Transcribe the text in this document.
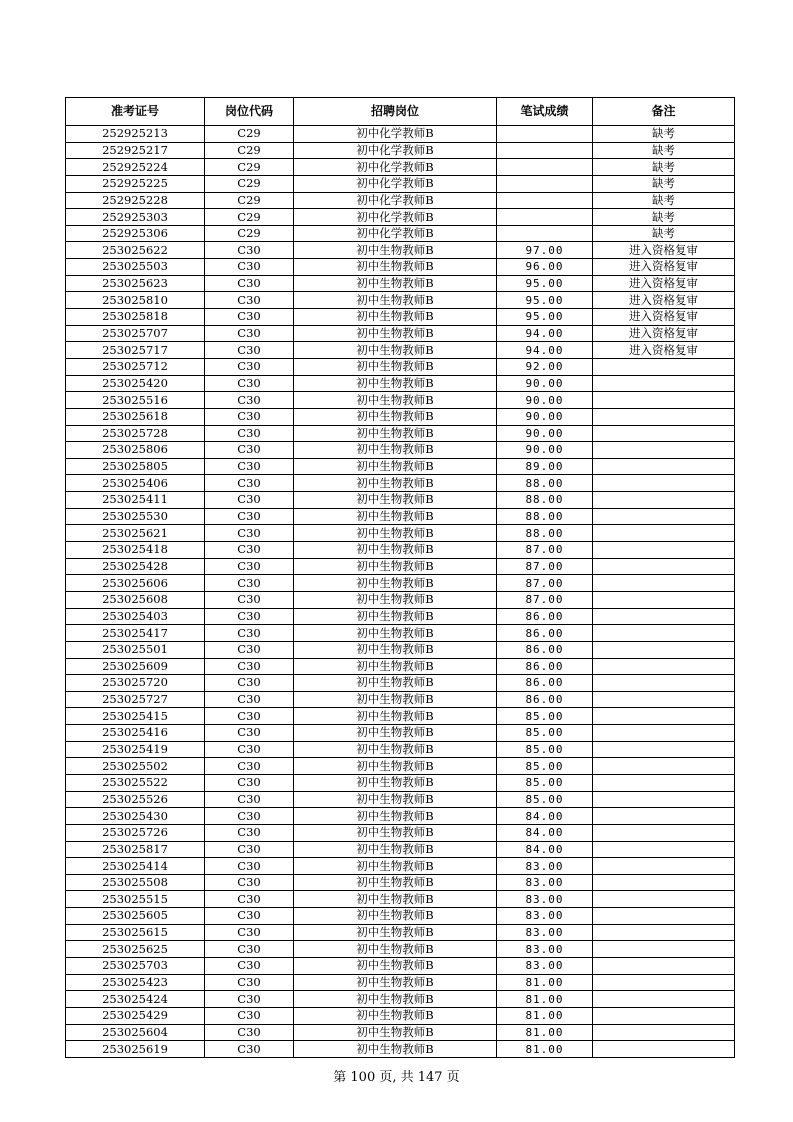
准考证号	岗位代码	招聘岗位	笔试成绩	备注
252925213	C29	初中化学教师B		缺考
252925217	C29	初中化学教师B		缺考
252925224	C29	初中化学教师B		缺考
252925225	C29	初中化学教师B		缺考
252925228	C29	初中化学教师B		缺考
252925303	C29	初中化学教师B		缺考
252925306	C29	初中化学教师B		缺考
253025622	C30	初中生物教师B	97.00	进入资格复审
253025503	C30	初中生物教师B	96.00	进入资格复审
253025623	C30	初中生物教师B	95.00	进入资格复审
253025810	C30	初中生物教师B	95.00	进入资格复审
253025818	C30	初中生物教师B	95.00	进入资格复审
253025707	C30	初中生物教师B	94.00	进入资格复审
253025717	C30	初中生物教师B	94.00	进入资格复审
253025712	C30	初中生物教师B	92.00	
253025420	C30	初中生物教师B	90.00	
253025516	C30	初中生物教师B	90.00	
253025618	C30	初中生物教师B	90.00	
253025728	C30	初中生物教师B	90.00	
253025806	C30	初中生物教师B	90.00	
253025805	C30	初中生物教师B	89.00	
253025406	C30	初中生物教师B	88.00	
253025411	C30	初中生物教师B	88.00	
253025530	C30	初中生物教师B	88.00	
253025621	C30	初中生物教师B	88.00	
253025418	C30	初中生物教师B	87.00	
253025428	C30	初中生物教师B	87.00	
253025606	C30	初中生物教师B	87.00	
253025608	C30	初中生物教师B	87.00	
253025403	C30	初中生物教师B	86.00	
253025417	C30	初中生物教师B	86.00	
253025501	C30	初中生物教师B	86.00	
253025609	C30	初中生物教师B	86.00	
253025720	C30	初中生物教师B	86.00	
253025727	C30	初中生物教师B	86.00	
253025415	C30	初中生物教师B	85.00	
253025416	C30	初中生物教师B	85.00	
253025419	C30	初中生物教师B	85.00	
253025502	C30	初中生物教师B	85.00	
253025522	C30	初中生物教师B	85.00	
253025526	C30	初中生物教师B	85.00	
253025430	C30	初中生物教师B	84.00	
253025726	C30	初中生物教师B	84.00	
253025817	C30	初中生物教师B	84.00	
253025414	C30	初中生物教师B	83.00	
253025508	C30	初中生物教师B	83.00	
253025515	C30	初中生物教师B	83.00	
253025605	C30	初中生物教师B	83.00	
253025615	C30	初中生物教师B	83.00	
253025625	C30	初中生物教师B	83.00	
253025703	C30	初中生物教师B	83.00	
253025423	C30	初中生物教师B	81.00	
253025424	C30	初中生物教师B	81.00	
253025429	C30	初中生物教师B	81.00	
253025604	C30	初中生物教师B	81.00	
253025619	C30	初中生物教师B	81.00	
第 100 页, 共 147 页
